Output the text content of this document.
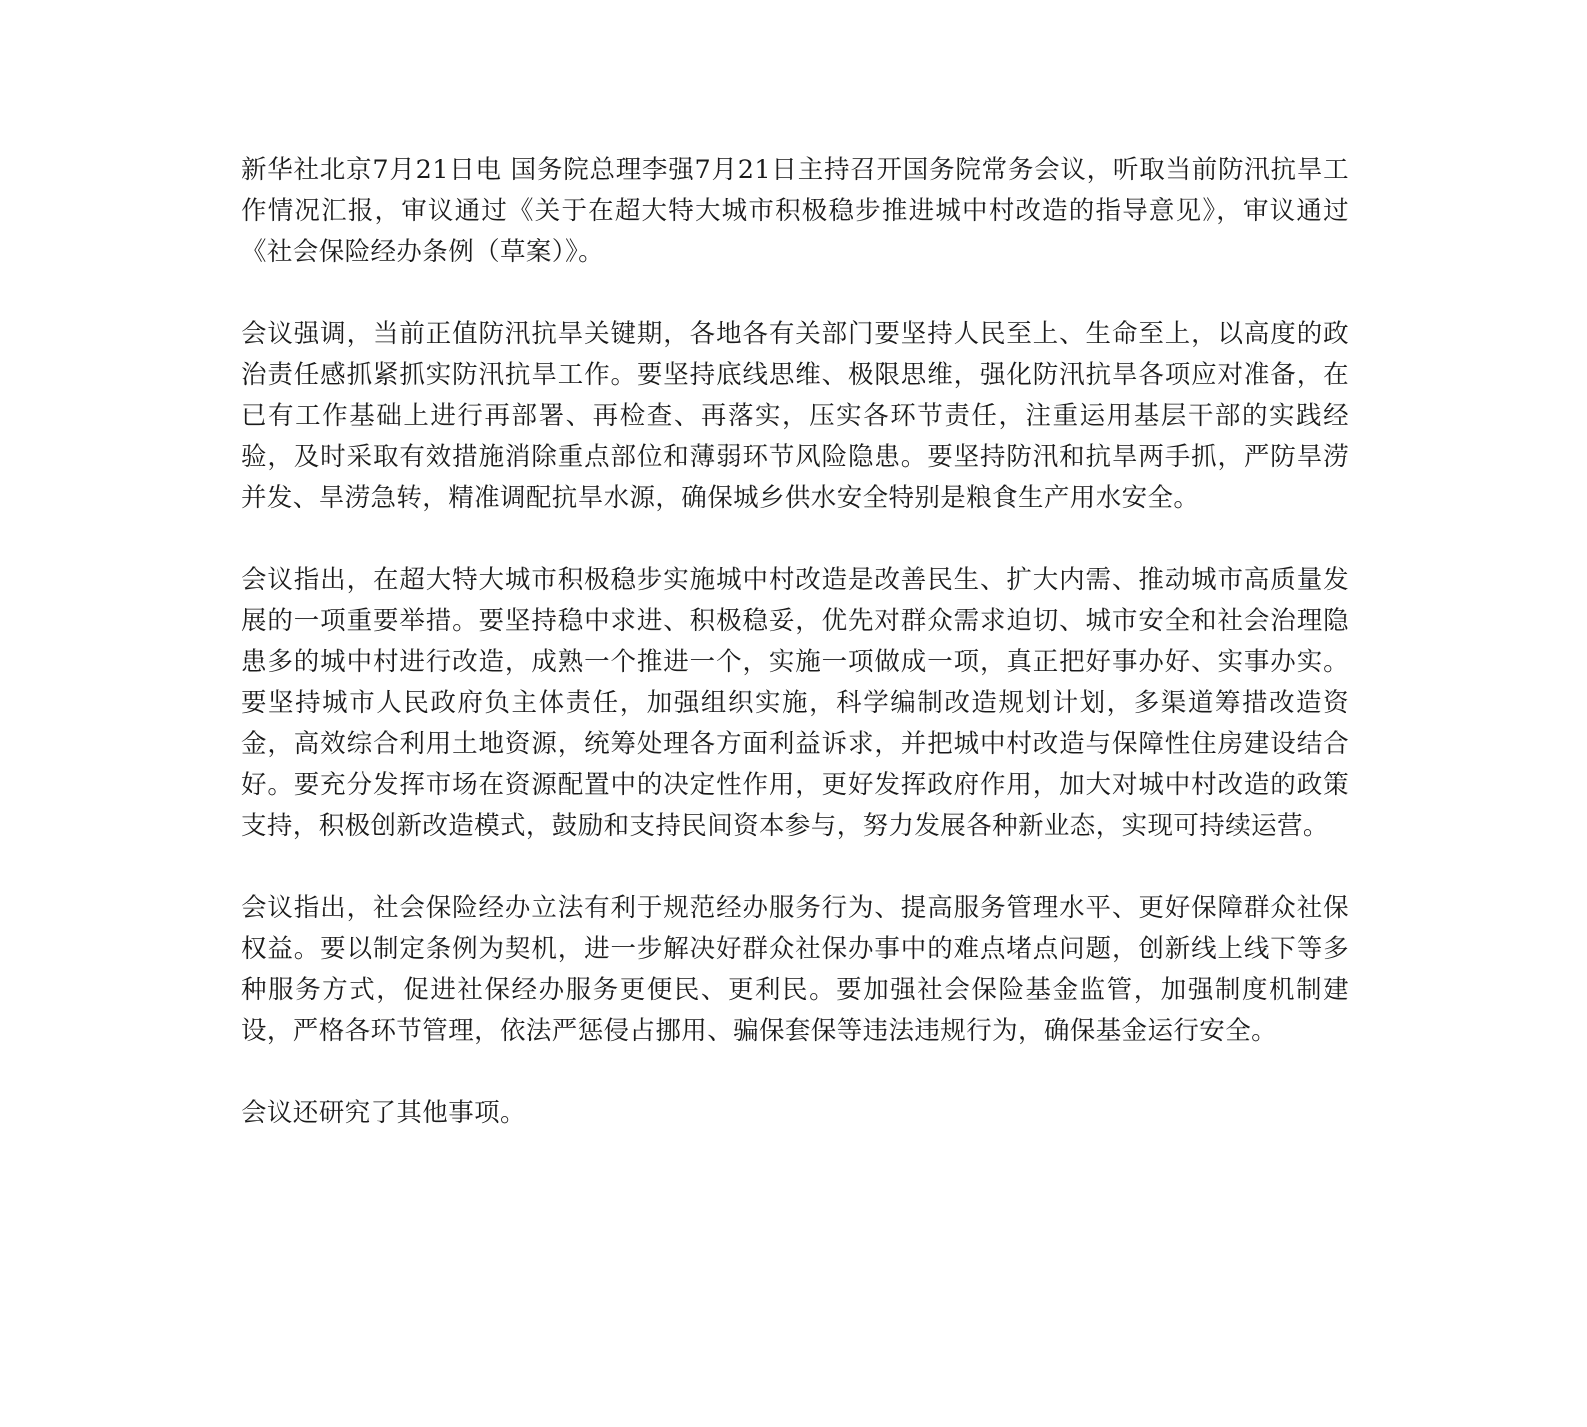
新华社北京7月21日电 国务院总理李强7月21日主持召开国务院常务会议，听取当前防汛抗旱工作情况汇报，审议通过《关于在超大特大城市积极稳步推进城中村改造的指导意见》，审议通过《社会保险经办条例（草案）》。

会议强调，当前正值防汛抗旱关键期，各地各有关部门要坚持人民至上、生命至上，以高度的政治责任感抓紧抓实防汛抗旱工作。要坚持底线思维、极限思维，强化防汛抗旱各项应对准备，在已有工作基础上进行再部署、再检查、再落实，压实各环节责任，注重运用基层干部的实践经验，及时采取有效措施消除重点部位和薄弱环节风险隐患。要坚持防汛和抗旱两手抓，严防旱涝并发、旱涝急转，精准调配抗旱水源，确保城乡供水安全特别是粮食生产用水安全。

会议指出，在超大特大城市积极稳步实施城中村改造是改善民生、扩大内需、推动城市高质量发展的一项重要举措。要坚持稳中求进、积极稳妥，优先对群众需求迫切、城市安全和社会治理隐患多的城中村进行改造，成熟一个推进一个，实施一项做成一项，真正把好事办好、实事办实。要坚持城市人民政府负主体责任，加强组织实施，科学编制改造规划计划，多渠道筹措改造资金，高效综合利用土地资源，统筹处理各方面利益诉求，并把城中村改造与保障性住房建设结合好。要充分发挥市场在资源配置中的决定性作用，更好发挥政府作用，加大对城中村改造的政策支持，积极创新改造模式，鼓励和支持民间资本参与，努力发展各种新业态，实现可持续运营。

会议指出，社会保险经办立法有利于规范经办服务行为、提高服务管理水平、更好保障群众社保权益。要以制定条例为契机，进一步解决好群众社保办事中的难点堵点问题，创新线上线下等多种服务方式，促进社保经办服务更便民、更利民。要加强社会保险基金监管，加强制度机制建设，严格各环节管理，依法严惩侵占挪用、骗保套保等违法违规行为，确保基金运行安全。

会议还研究了其他事项。
